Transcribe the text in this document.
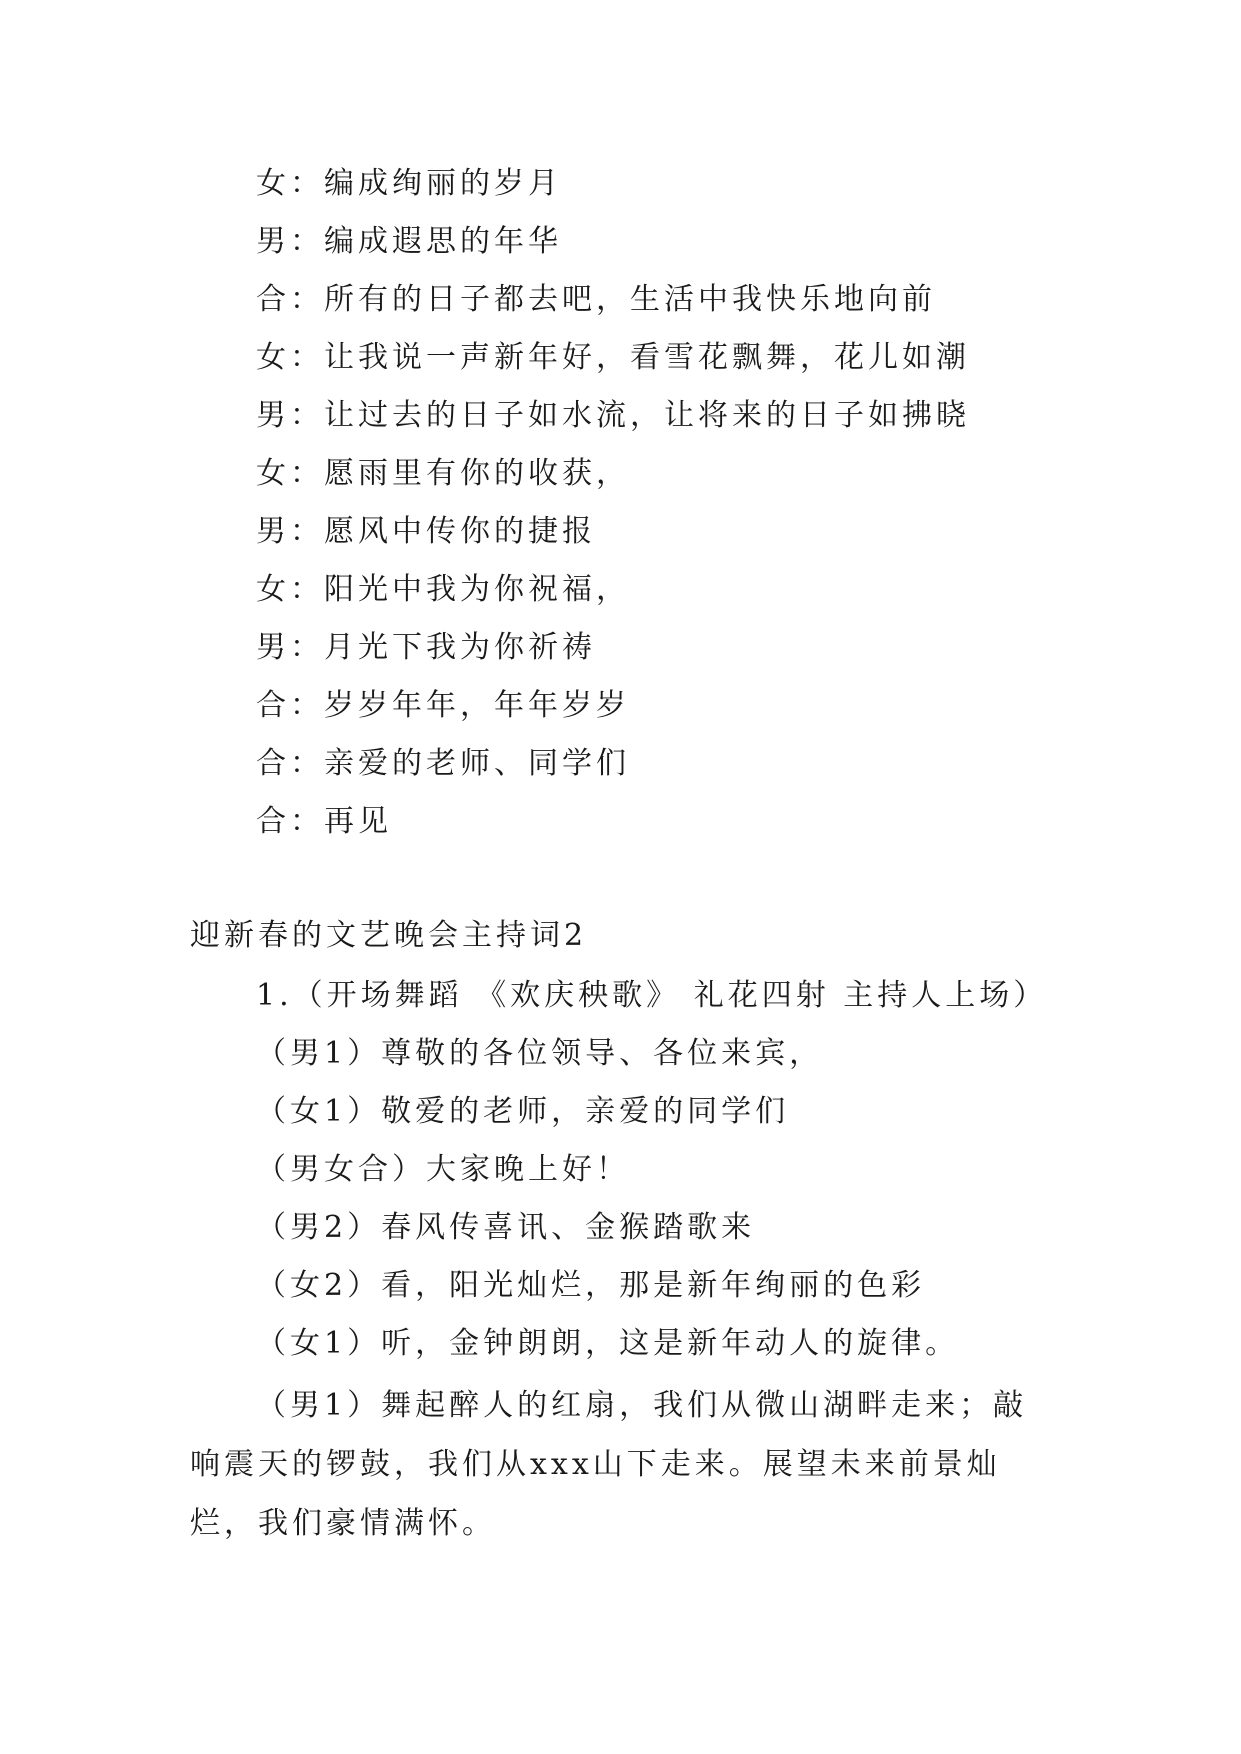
女：编成绚丽的岁月
男：编成遐思的年华
合：所有的日子都去吧，生活中我快乐地向前
女：让我说一声新年好，看雪花飘舞，花儿如潮
男：让过去的日子如水流，让将来的日子如拂晓
女：愿雨里有你的收获，
男：愿风中传你的捷报
女：阳光中我为你祝福，
男：月光下我为你祈祷
合：岁岁年年，年年岁岁
合：亲爱的老师、同学们
合：再见
迎新春的文艺晚会主持词2
1.（开场舞蹈 《欢庆秧歌》 礼花四射 主持人上场）
（男1）尊敬的各位领导、各位来宾，
（女1）敬爱的老师，亲爱的同学们
（男女合）大家晚上好！
（男2）春风传喜讯、金猴踏歌来
（女2）看，阳光灿烂，那是新年绚丽的色彩
（女1）听，金钟朗朗，这是新年动人的旋律。
（男1）舞起醉人的红扇，我们从微山湖畔走来；敲响震天的锣鼓，我们从xxx山下走来。展望未来前景灿烂，我们豪情满怀。
